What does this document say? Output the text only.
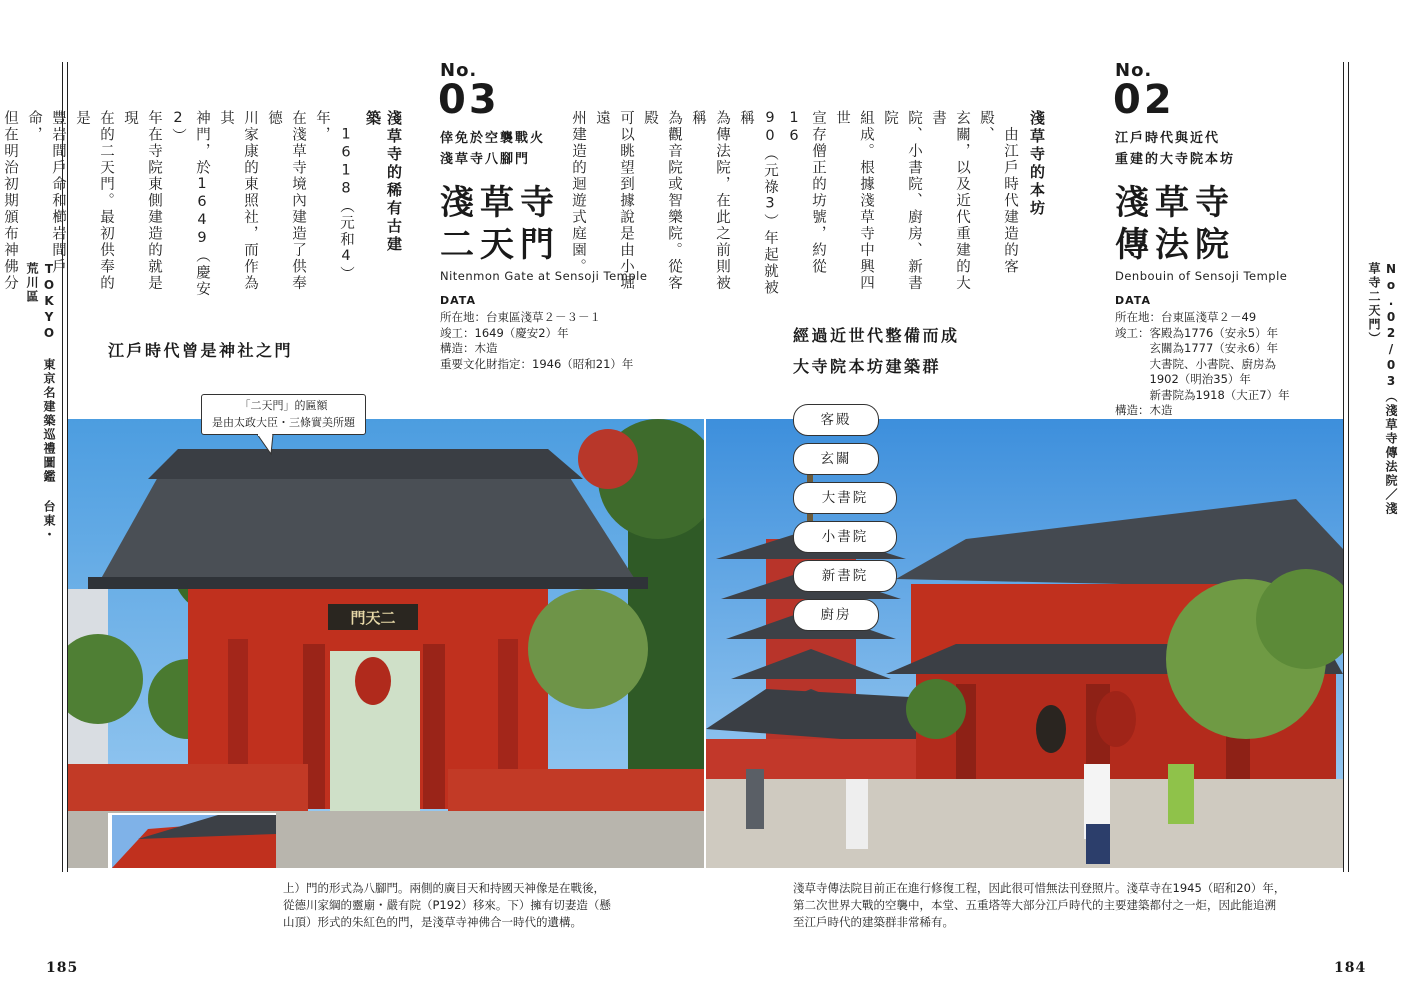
TOKYO 東京名建築巡禮圖鑑 台東・荒川區	No.02/03（淺草寺傳法院／淺草寺二天門）
淺草寺的稀有古建築
　1618（元和4）年，
在淺草寺境內建造了供奉德
川家康的東照社，而作為其
神門，於1649（慶安2）
年在寺院東側建造的就是現
在的二天門。最初供奉的是
豐岩間戶命和櫛岩間戶命，
但在明治初期頒布神佛分
江戶時代曾是神社之門
No.
03
倖免於空襲戰火
淺草寺八腳門
淺草寺
二天門
Nitenmon Gate at Sensoji Temple
DATA
所在地：台東區淺草２－３－１
竣工：1649（慶安2）年
構造：木造
重要文化財指定：1946（昭和21）年
門天二
「二天門」的匾額
是由太政大臣・三條實美所題
上）門的形式為八腳門。兩側的廣目天和持國天神像是在戰後，
從德川家綱的靈廟・嚴有院（P192）移來。下）擁有切妻造（懸
山頂）形式的朱紅色的門，是淺草寺神佛合一時代的遺構。
185
淺草寺的本坊
　由江戶時代建造的客殿、
玄關，以及近代重建的大書
院、小書院、廚房、新書院
組成。根據淺草寺中興四世
宣存僧正的坊號，約從16
90（元祿3）年起就被稱
為傳法院，在此之前則被稱
為觀音院或智樂院。從客殿
可以眺望到據說是由小堀遠
州建造的迴遊式庭園。
經過近世代整備而成
大寺院本坊建築群
No.
02
江戶時代與近代
重建的大寺院本坊
淺草寺
傳法院
Denbouin of Sensoji Temple
DATA
所在地：台東區淺草２－49
竣工：客殿為1776（安永5）年
　　　玄關為1777（安永6）年
　　　大書院、小書院、廚房為
　　　1902（明治35）年
　　　新書院為1918（大正7）年
構造：木造
客殿
玄關
大書院
小書院
新書院
廚房
淺草寺傳法院目前正在進行修復工程，因此很可惜無法刊登照片。淺草寺在1945（昭和20）年，
第二次世界大戰的空襲中，本堂、五重塔等大部分江戶時代的主要建築都付之一炬，因此能追溯
至江戶時代的建築群非常稀有。
184
